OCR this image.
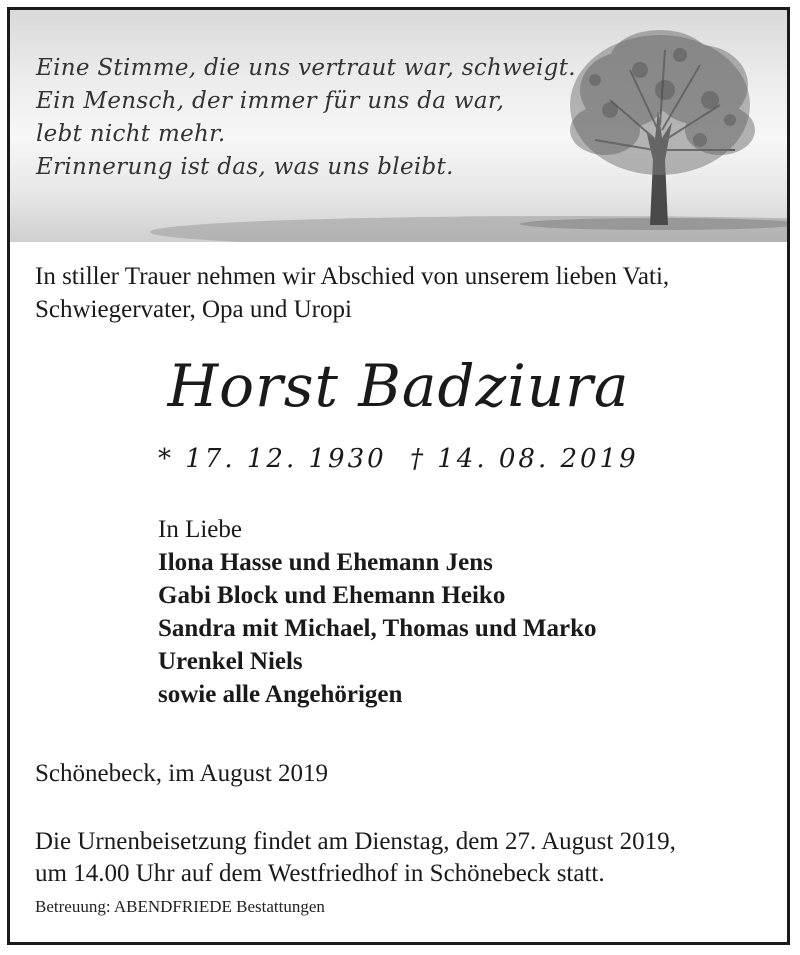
Eine Stimme, die uns vertraut war, schweigt.
Ein Mensch, der immer für uns da war,
lebt nicht mehr.
Erinnerung ist das, was uns bleibt.
In stiller Trauer nehmen wir Abschied von unserem lieben Vati,
Schwiegervater, Opa und Uropi
Horst Badziura
* 17. 12. 1930 † 14. 08. 2019
In Liebe
Ilona Hasse und Ehemann Jens
Gabi Block und Ehemann Heiko
Sandra mit Michael, Thomas und Marko
Urenkel Niels
sowie alle Angehörigen
Schönebeck, im August 2019
Die Urnenbeisetzung findet am Dienstag, dem 27. August 2019,
um 14.00 Uhr auf dem Westfriedhof in Schönebeck statt.
Betreuung: ABENDFRIEDE Bestattungen
